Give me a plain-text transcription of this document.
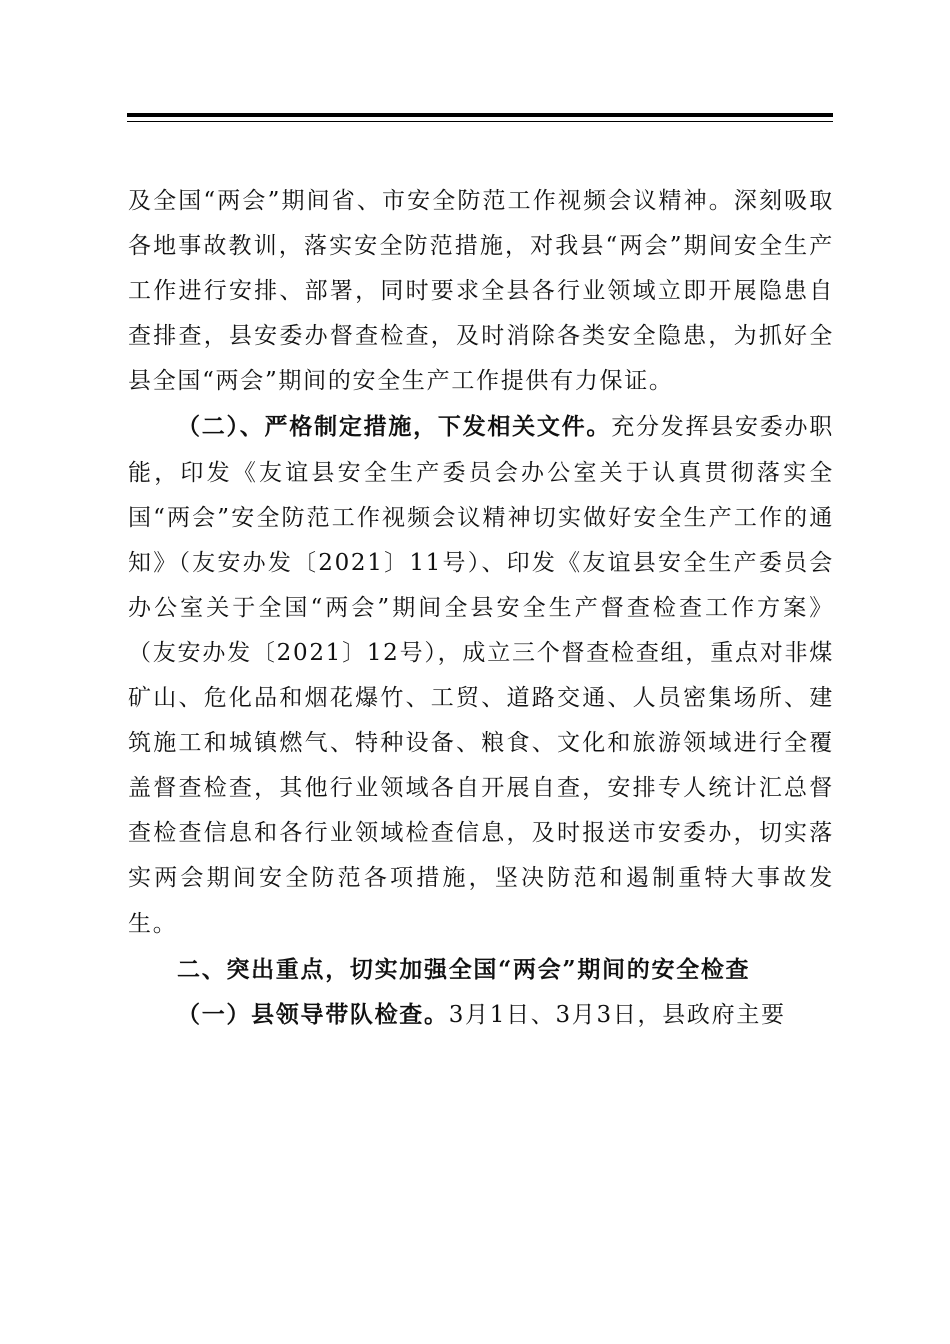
及全国“两会”期间省、市安全防范工作视频会议精神。深刻吸取各地事故教训，落实安全防范措施，对我县“两会”期间安全生产工作进行安排、部署，同时要求全县各行业领域立即开展隐患自查排查，县安委办督查检查，及时消除各类安全隐患，为抓好全县全国“两会”期间的安全生产工作提供有力保证。

（二）、严格制定措施，下发相关文件。充分发挥县安委办职能，印发《友谊县安全生产委员会办公室关于认真贯彻落实全国“两会”安全防范工作视频会议精神切实做好安全生产工作的通知》（友安办发〔2021〕11号）、印发《友谊县安全生产委员会办公室关于全国“两会”期间全县安全生产督查检查工作方案》（友安办发〔2021〕12号），成立三个督查检查组，重点对非煤矿山、危化品和烟花爆竹、工贸、道路交通、人员密集场所、建筑施工和城镇燃气、特种设备、粮食、文化和旅游领域进行全覆盖督查检查，其他行业领域各自开展自查，安排专人统计汇总督查检查信息和各行业领域检查信息，及时报送市安委办，切实落实两会期间安全防范各项措施，坚决防范和遏制重特大事故发生。

二、突出重点，切实加强全国“两会”期间的安全检查

（一）县领导带队检查。3月1日、3月3日，县政府主要
